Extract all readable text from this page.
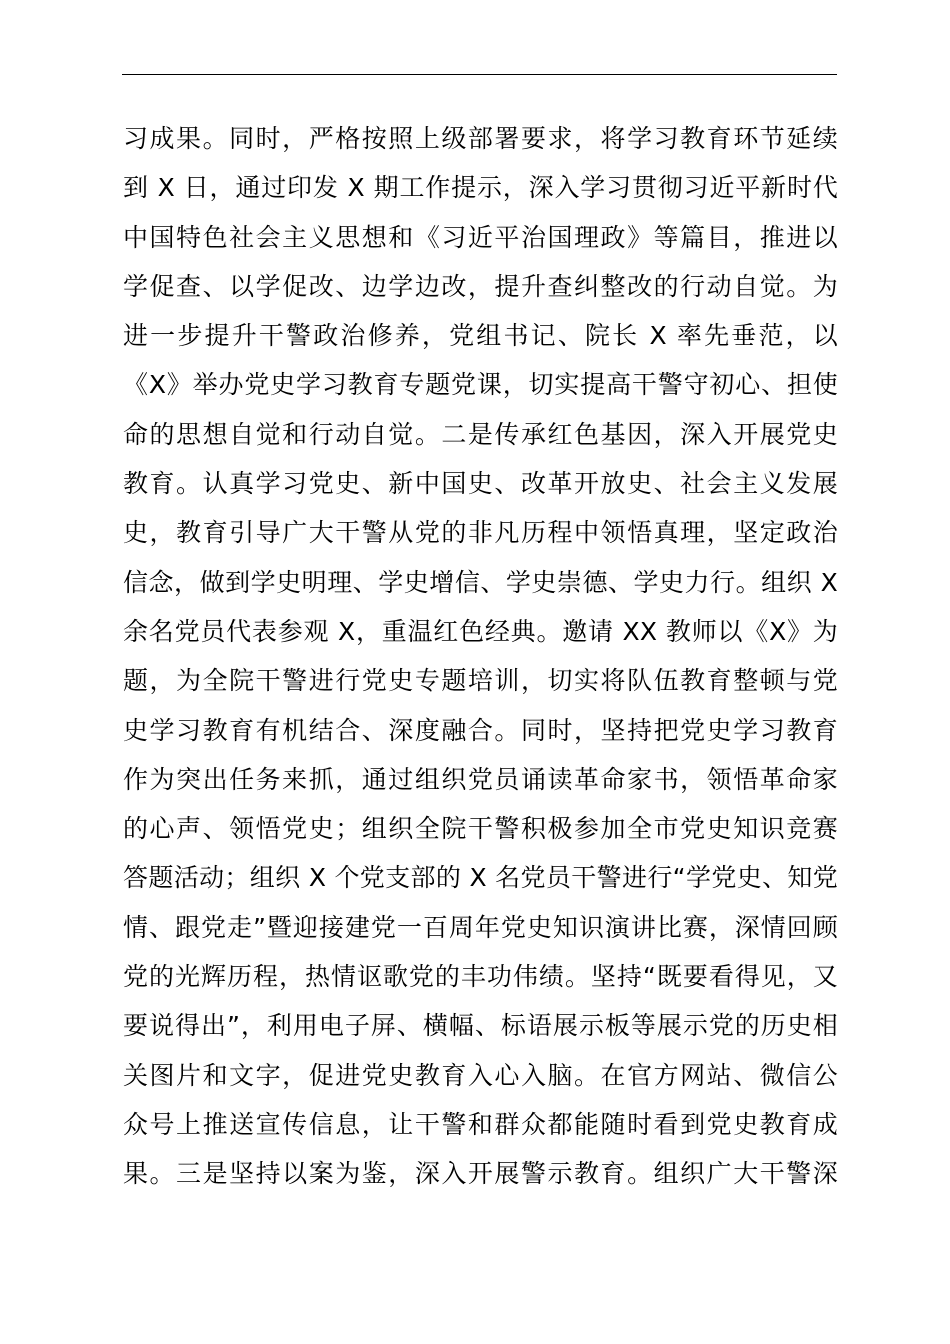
习成果。同时，严格按照上级部署要求，将学习教育环节延续
到 X 日，通过印发 X 期工作提示，深入学习贯彻习近平新时代
中国特色社会主义思想和《习近平治国理政》等篇目，推进以
学促查、以学促改、边学边改，提升查纠整改的行动自觉。为
进一步提升干警政治修养，党组书记、院长 X 率先垂范，以
《X》举办党史学习教育专题党课，切实提高干警守初心、担使
命的思想自觉和行动自觉。二是传承红色基因，深入开展党史
教育。认真学习党史、新中国史、改革开放史、社会主义发展
史，教育引导广大干警从党的非凡历程中领悟真理，坚定政治
信念，做到学史明理、学史增信、学史崇德、学史力行。组织 X
余名党员代表参观 X，重温红色经典。邀请 XX 教师以《X》为
题，为全院干警进行党史专题培训，切实将队伍教育整顿与党
史学习教育有机结合、深度融合。同时，坚持把党史学习教育
作为突出任务来抓，通过组织党员诵读革命家书，领悟革命家
的心声、领悟党史；组织全院干警积极参加全市党史知识竞赛
答题活动；组织 X 个党支部的 X 名党员干警进行“学党史、知党
情、跟党走”暨迎接建党一百周年党史知识演讲比赛，深情回顾
党的光辉历程，热情讴歌党的丰功伟绩。坚持“既要看得见，又
要说得出”，利用电子屏、横幅、标语展示板等展示党的历史相
关图片和文字，促进党史教育入心入脑。在官方网站、微信公
众号上推送宣传信息，让干警和群众都能随时看到党史教育成
果。三是坚持以案为鉴，深入开展警示教育。组织广大干警深
